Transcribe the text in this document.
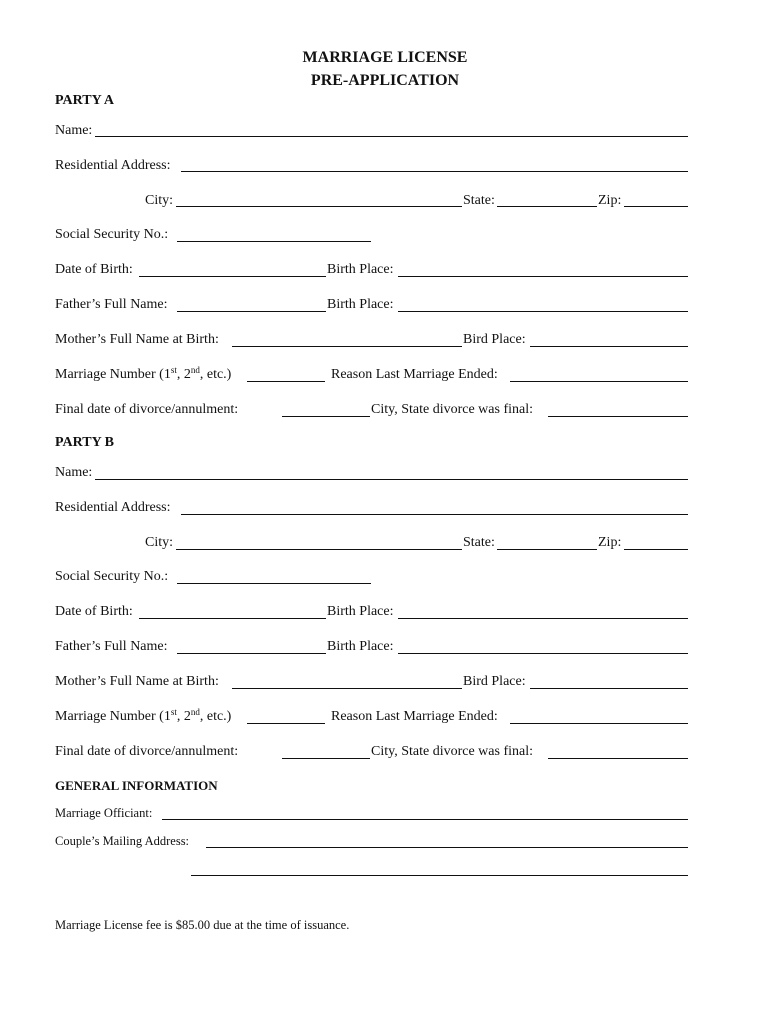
MARRIAGE LICENSE
PRE-APPLICATION
PARTY A
Name:
Residential Address:
City:	State:	Zip:
Social Security No.:
Date of Birth:	Birth Place:
Father’s Full Name:	Birth Place:
Mother’s Full Name at Birth:	Bird Place:
Marriage Number (1st, 2nd, etc.)	Reason Last Marriage Ended:
Final date of divorce/annulment:	City, State divorce was final:
PARTY B
Name:
Residential Address:
City:	State:	Zip:
Social Security No.:
Date of Birth:	Birth Place:
Father’s Full Name:	Birth Place:
Mother’s Full Name at Birth:	Bird Place:
Marriage Number (1st, 2nd, etc.)	Reason Last Marriage Ended:
Final date of divorce/annulment:	City, State divorce was final:
GENERAL INFORMATION
Marriage Officiant:
Couple’s Mailing Address:
Marriage License fee is $85.00 due at the time of issuance.
